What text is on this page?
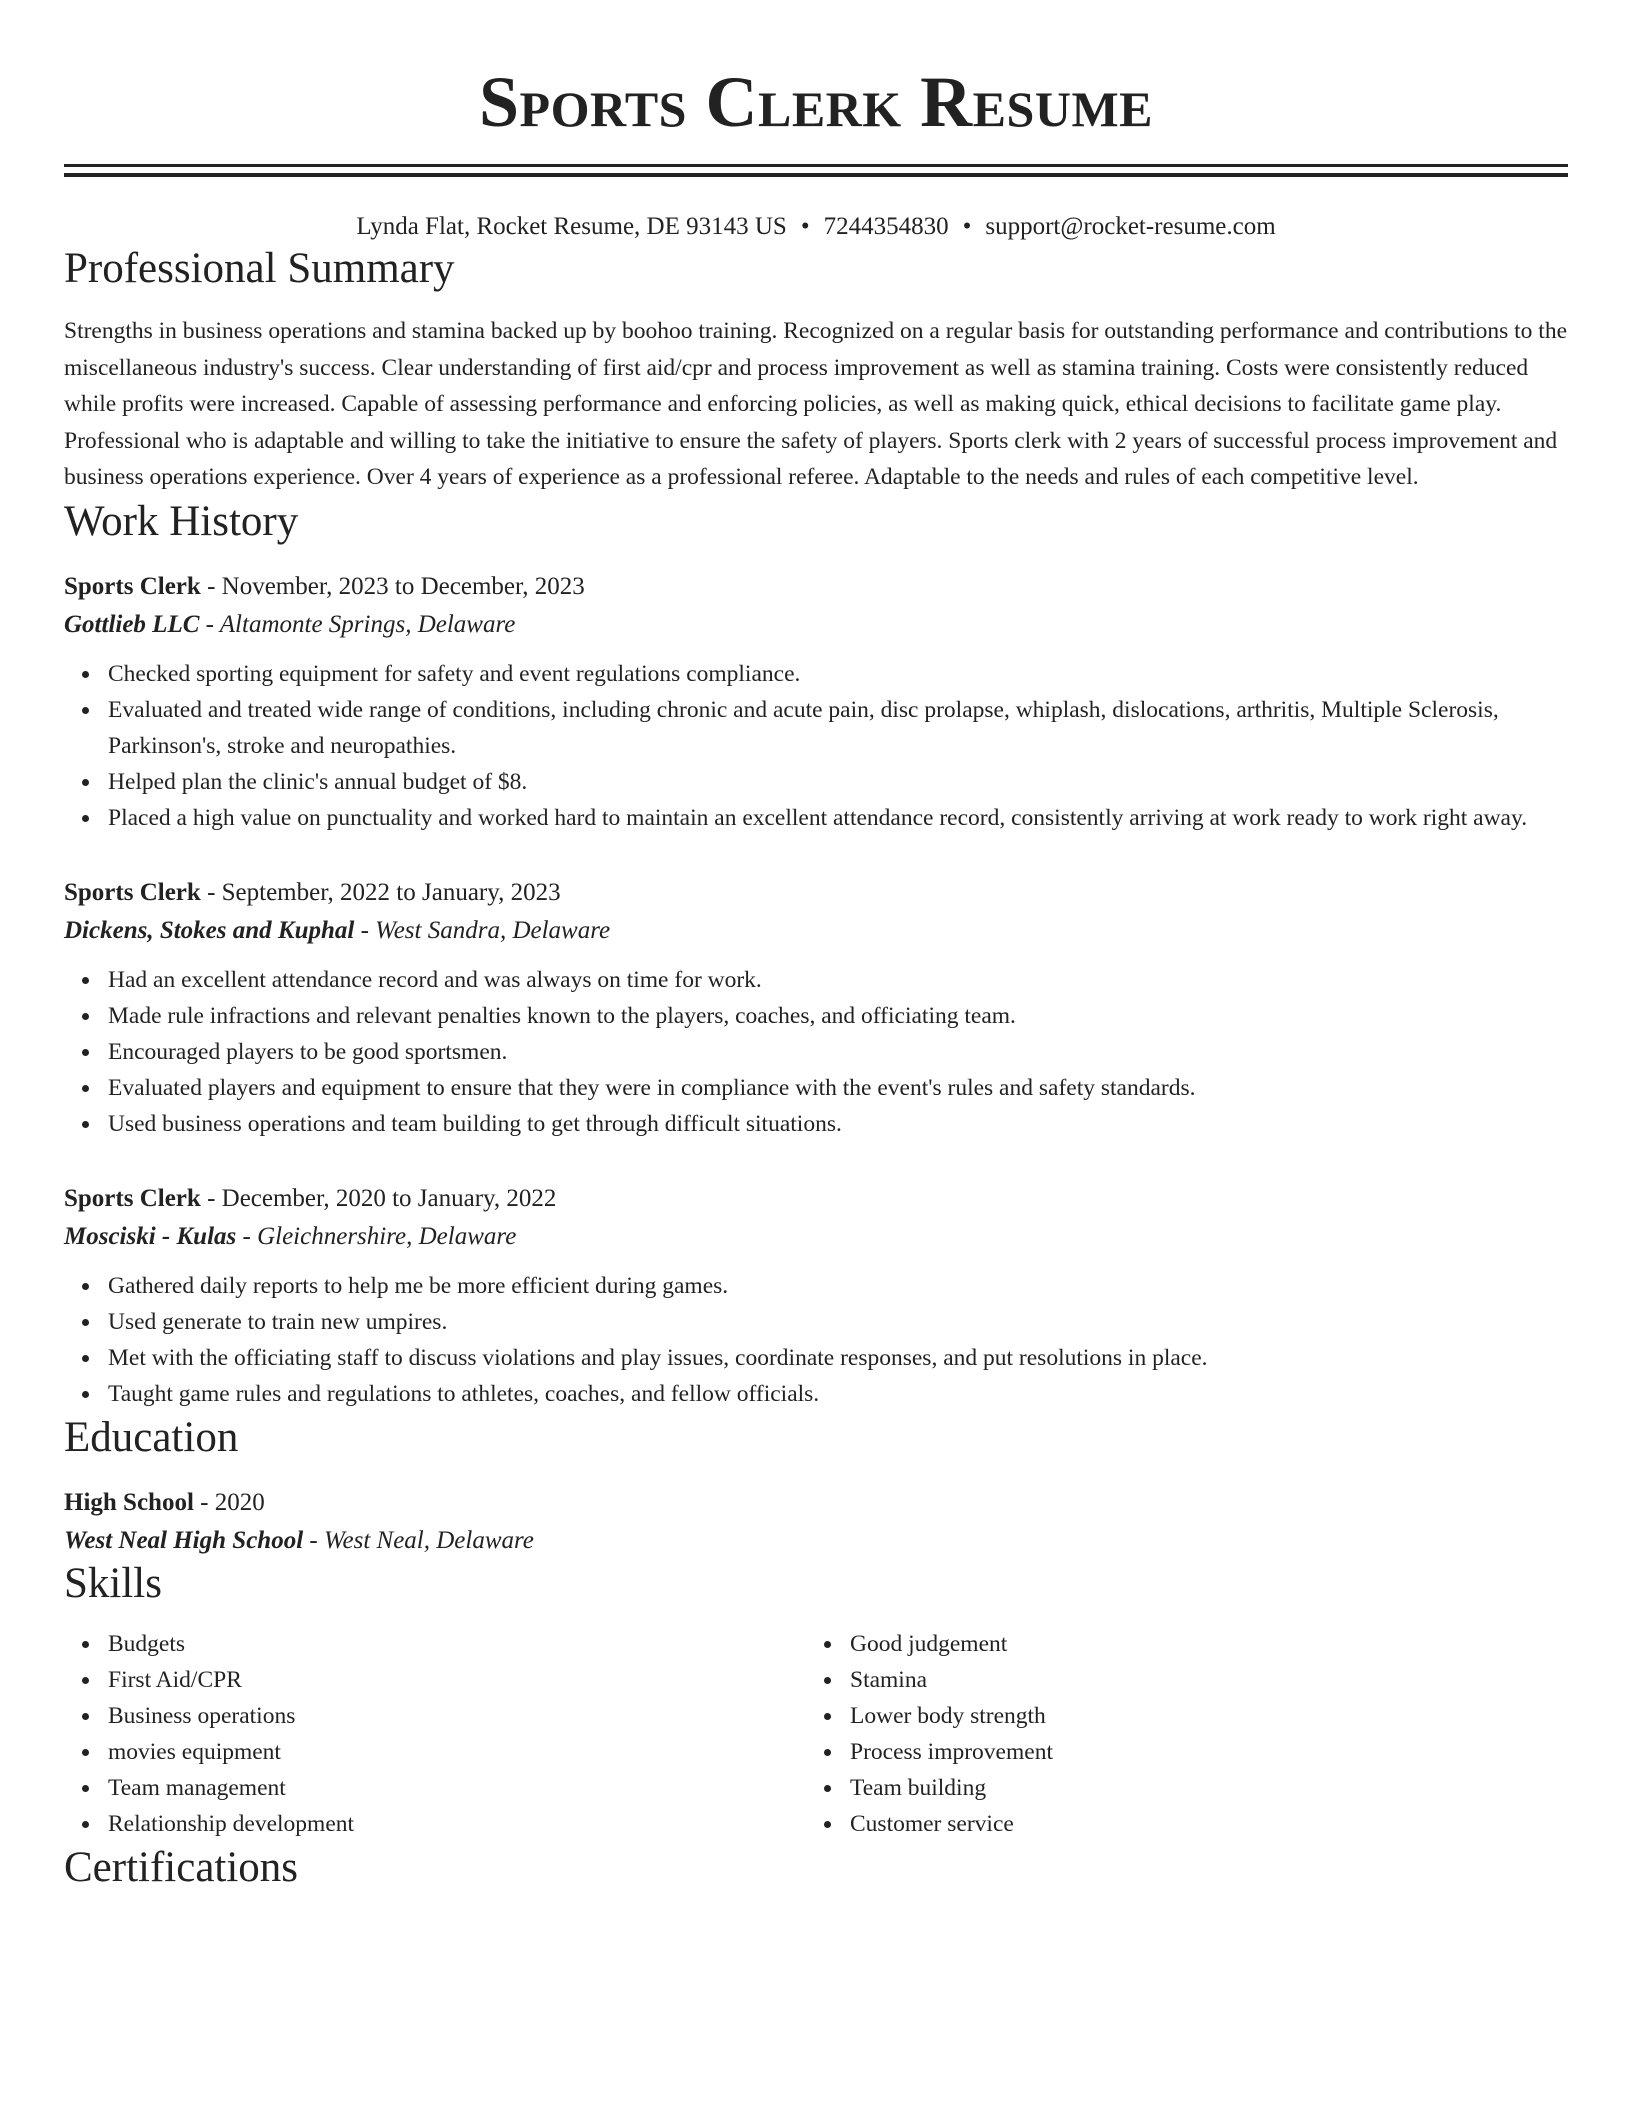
Sports Clerk Resume
Lynda Flat, Rocket Resume, DE 93143 US • 7244354830 • support@rocket-resume.com
Professional Summary

Strengths in business operations and stamina backed up by boohoo training. Recognized on a regular basis for outstanding performance and contributions to the miscellaneous industry's success. Clear understanding of first aid/cpr and process improvement as well as stamina training. Costs were consistently reduced while profits were increased. Capable of assessing performance and enforcing policies, as well as making quick, ethical decisions to facilitate game play. Professional who is adaptable and willing to take the initiative to ensure the safety of players. Sports clerk with 2 years of successful process improvement and business operations experience. Over 4 years of experience as a professional referee. Adaptable to the needs and rules of each competitive level.

Work History
Sports Clerk - November, 2023 to December, 2023
Gottlieb LLC - Altamonte Springs, Delaware
Checked sporting equipment for safety and event regulations compliance.
Evaluated and treated wide range of conditions, including chronic and acute pain, disc prolapse, whiplash, dislocations, arthritis, Multiple Sclerosis, Parkinson's, stroke and neuropathies.
Helped plan the clinic's annual budget of $8.
Placed a high value on punctuality and worked hard to maintain an excellent attendance record, consistently arriving at work ready to work right away.
Sports Clerk - September, 2022 to January, 2023
Dickens, Stokes and Kuphal - West Sandra, Delaware
Had an excellent attendance record and was always on time for work.
Made rule infractions and relevant penalties known to the players, coaches, and officiating team.
Encouraged players to be good sportsmen.
Evaluated players and equipment to ensure that they were in compliance with the event's rules and safety standards.
Used business operations and team building to get through difficult situations.
Sports Clerk - December, 2020 to January, 2022
Mosciski - Kulas - Gleichnershire, Delaware
Gathered daily reports to help me be more efficient during games.
Used generate to train new umpires.
Met with the officiating staff to discuss violations and play issues, coordinate responses, and put resolutions in place.
Taught game rules and regulations to athletes, coaches, and fellow officials.
Education
High School - 2020
West Neal High School - West Neal, Delaware
Skills
Budgets
First Aid/CPR
Business operations
movies equipment
Team management
Relationship development
Good judgement
Stamina
Lower body strength
Process improvement
Team building
Customer service
Certifications
